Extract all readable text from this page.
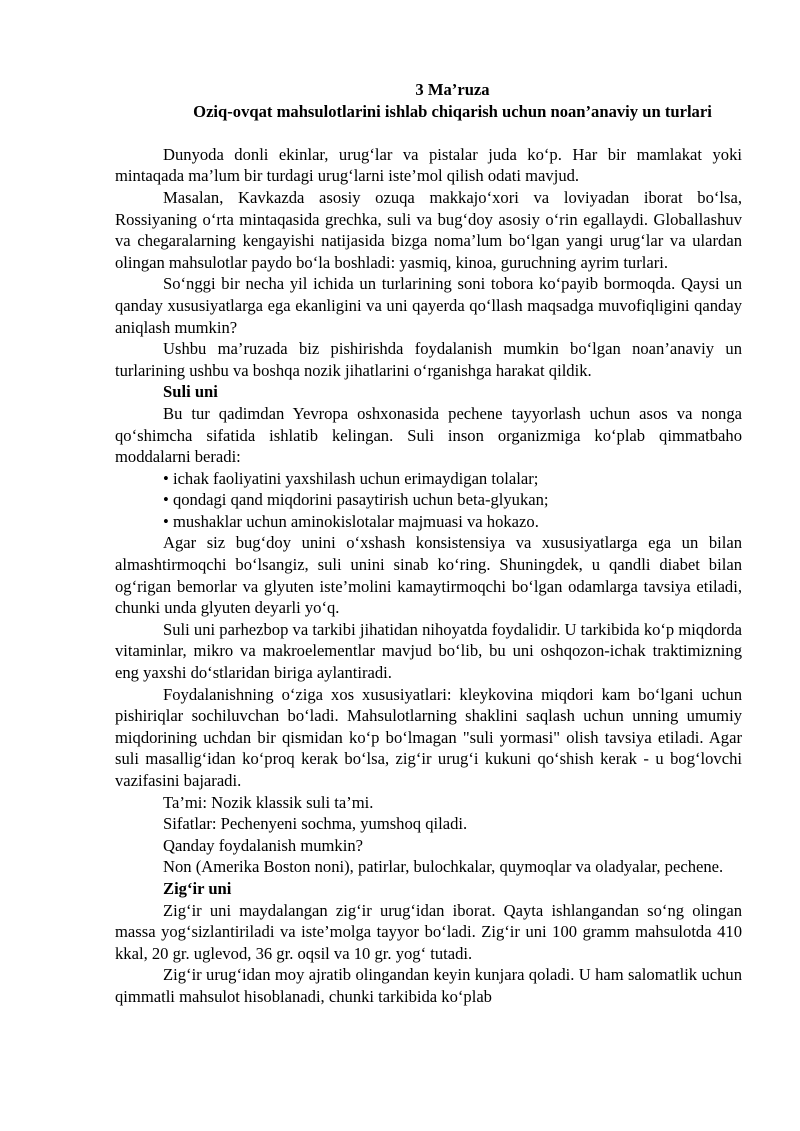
3 Ma’ruza
Oziq-ovqat mahsulotlarini ishlab chiqarish uchun noan’anaviy un turlari

Dunyoda donli ekinlar, urug‘lar va pistalar juda ko‘p. Har bir mamlakat yoki mintaqada ma’lum bir turdagi urug‘larni iste’mol qilish odati mavjud.

Masalan, Kavkazda asosiy ozuqa makkajo‘xori va loviyadan iborat bo‘lsa, Rossiyaning o‘rta mintaqasida grechka, suli va bug‘doy asosiy o‘rin egallaydi. Globallashuv va chegaralarning kengayishi natijasida bizga noma’lum bo‘lgan yangi urug‘lar va ulardan olingan mahsulotlar paydo bo‘la boshladi: yasmiq, kinoa, guruchning ayrim turlari.

So‘nggi bir necha yil ichida un turlarining soni tobora ko‘payib bormoqda. Qaysi un qanday xususiyatlarga ega ekanligini va uni qayerda qo‘llash maqsadga muvofiqligini qanday aniqlash mumkin?

Ushbu ma’ruzada biz pishirishda foydalanish mumkin bo‘lgan noan’anaviy un turlarining ushbu va boshqa nozik jihatlarini o‘rganishga harakat qildik.

Suli uni

Bu tur qadimdan Yevropa oshxonasida pechene tayyorlash uchun asos va nonga qo‘shimcha sifatida ishlatib kelingan. Suli inson organizmiga ko‘plab qimmatbaho moddalarni beradi:

• ichak faoliyatini yaxshilash uchun erimaydigan tolalar;

• qondagi qand miqdorini pasaytirish uchun beta-glyukan;

• mushaklar uchun aminokislotalar majmuasi va hokazo.

Agar siz bug‘doy unini o‘xshash konsistensiya va xususiyatlarga ega un bilan almashtirmoqchi bo‘lsangiz, suli unini sinab ko‘ring. Shuningdek, u qandli diabet bilan og‘rigan bemorlar va glyuten iste’molini kamaytirmoqchi bo‘lgan odamlarga tavsiya etiladi, chunki unda glyuten deyarli yo‘q.

Suli uni parhezbop va tarkibi jihatidan nihoyatda foydalidir. U tarkibida ko‘p miqdorda vitaminlar, mikro va makroelementlar mavjud bo‘lib, bu uni oshqozon-ichak traktimizning eng yaxshi do‘stlaridan biriga aylantiradi.

Foydalanishning o‘ziga xos xususiyatlari: kleykovina miqdori kam bo‘lgani uchun pishiriqlar sochiluvchan bo‘ladi. Mahsulotlarning shaklini saqlash uchun unning umumiy miqdorining uchdan bir qismidan ko‘p bo‘lmagan "suli yormasi" olish tavsiya etiladi. Agar suli masallig‘idan ko‘proq kerak bo‘lsa, zig‘ir urug‘i kukuni qo‘shish kerak - u bog‘lovchi vazifasini bajaradi.

Ta’mi: Nozik klassik suli ta’mi.

Sifatlar: Pechenyeni sochma, yumshoq qiladi.

Qanday foydalanish mumkin?

Non (Amerika Boston noni), patirlar, bulochkalar, quymoqlar va oladyalar, pechene.

Zig‘ir uni

Zig‘ir uni maydalangan zig‘ir urug‘idan iborat. Qayta ishlangandan so‘ng olingan massa yog‘sizlantiriladi va iste’molga tayyor bo‘ladi. Zig‘ir uni 100 gramm mahsulotda 410 kkal, 20 gr. uglevod, 36 gr. oqsil va 10 gr. yog‘ tutadi.

Zig‘ir urug‘idan moy ajratib olingandan keyin kunjara qoladi. U ham salomatlik uchun qimmatli mahsulot hisoblanadi, chunki tarkibida ko‘plab
